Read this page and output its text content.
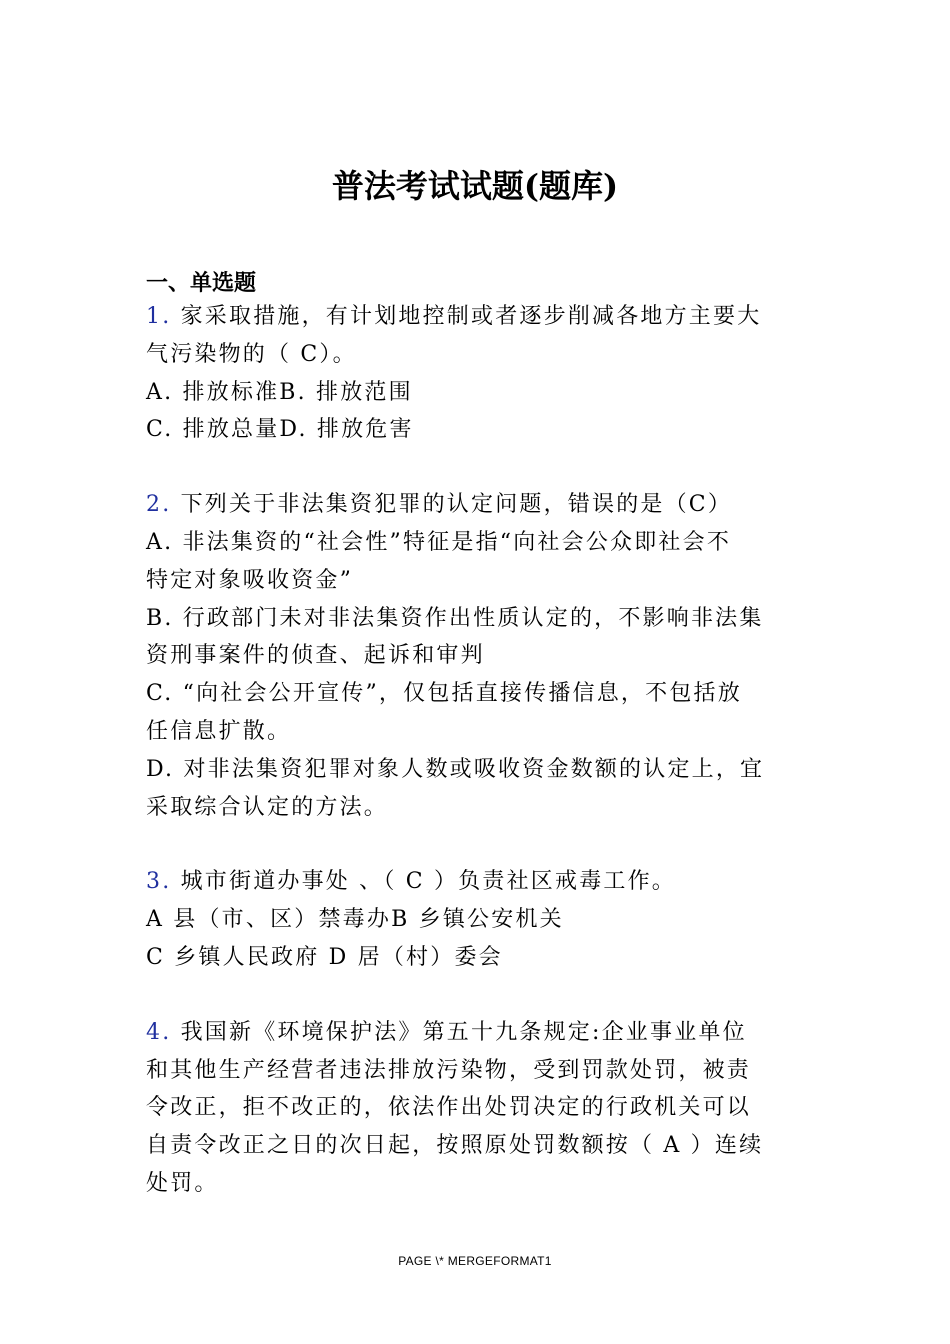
普法考试试题(题库)
一、单选题
1. 家采取措施，有计划地控制或者逐步削减各地方主要大
气污染物的（ C）。
A. 排放标准B. 排放范围
C. 排放总量D. 排放危害
2. 下列关于非法集资犯罪的认定问题，错误的是（C）
A. 非法集资的“社会性”特征是指“向社会公众即社会不
特定对象吸收资金”
B. 行政部门未对非法集资作出性质认定的，不影响非法集
资刑事案件的侦查、起诉和审判
C. “向社会公开宣传”，仅包括直接传播信息，不包括放
任信息扩散。
D. 对非法集资犯罪对象人数或吸收资金数额的认定上，宜
采取综合认定的方法。
3. 城市街道办事处 、（ C ）负责社区戒毒工作。
A 县（市、区）禁毒办B 乡镇公安机关
C 乡镇人民政府 D 居（村）委会
4. 我国新《环境保护法》第五十九条规定:企业事业单位
和其他生产经营者违法排放污染物，受到罚款处罚，被责
令改正，拒不改正的，依法作出处罚决定的行政机关可以
自责令改正之日的次日起，按照原处罚数额按（ A ）连续
处罚。
PAGE \* MERGEFORMAT1
